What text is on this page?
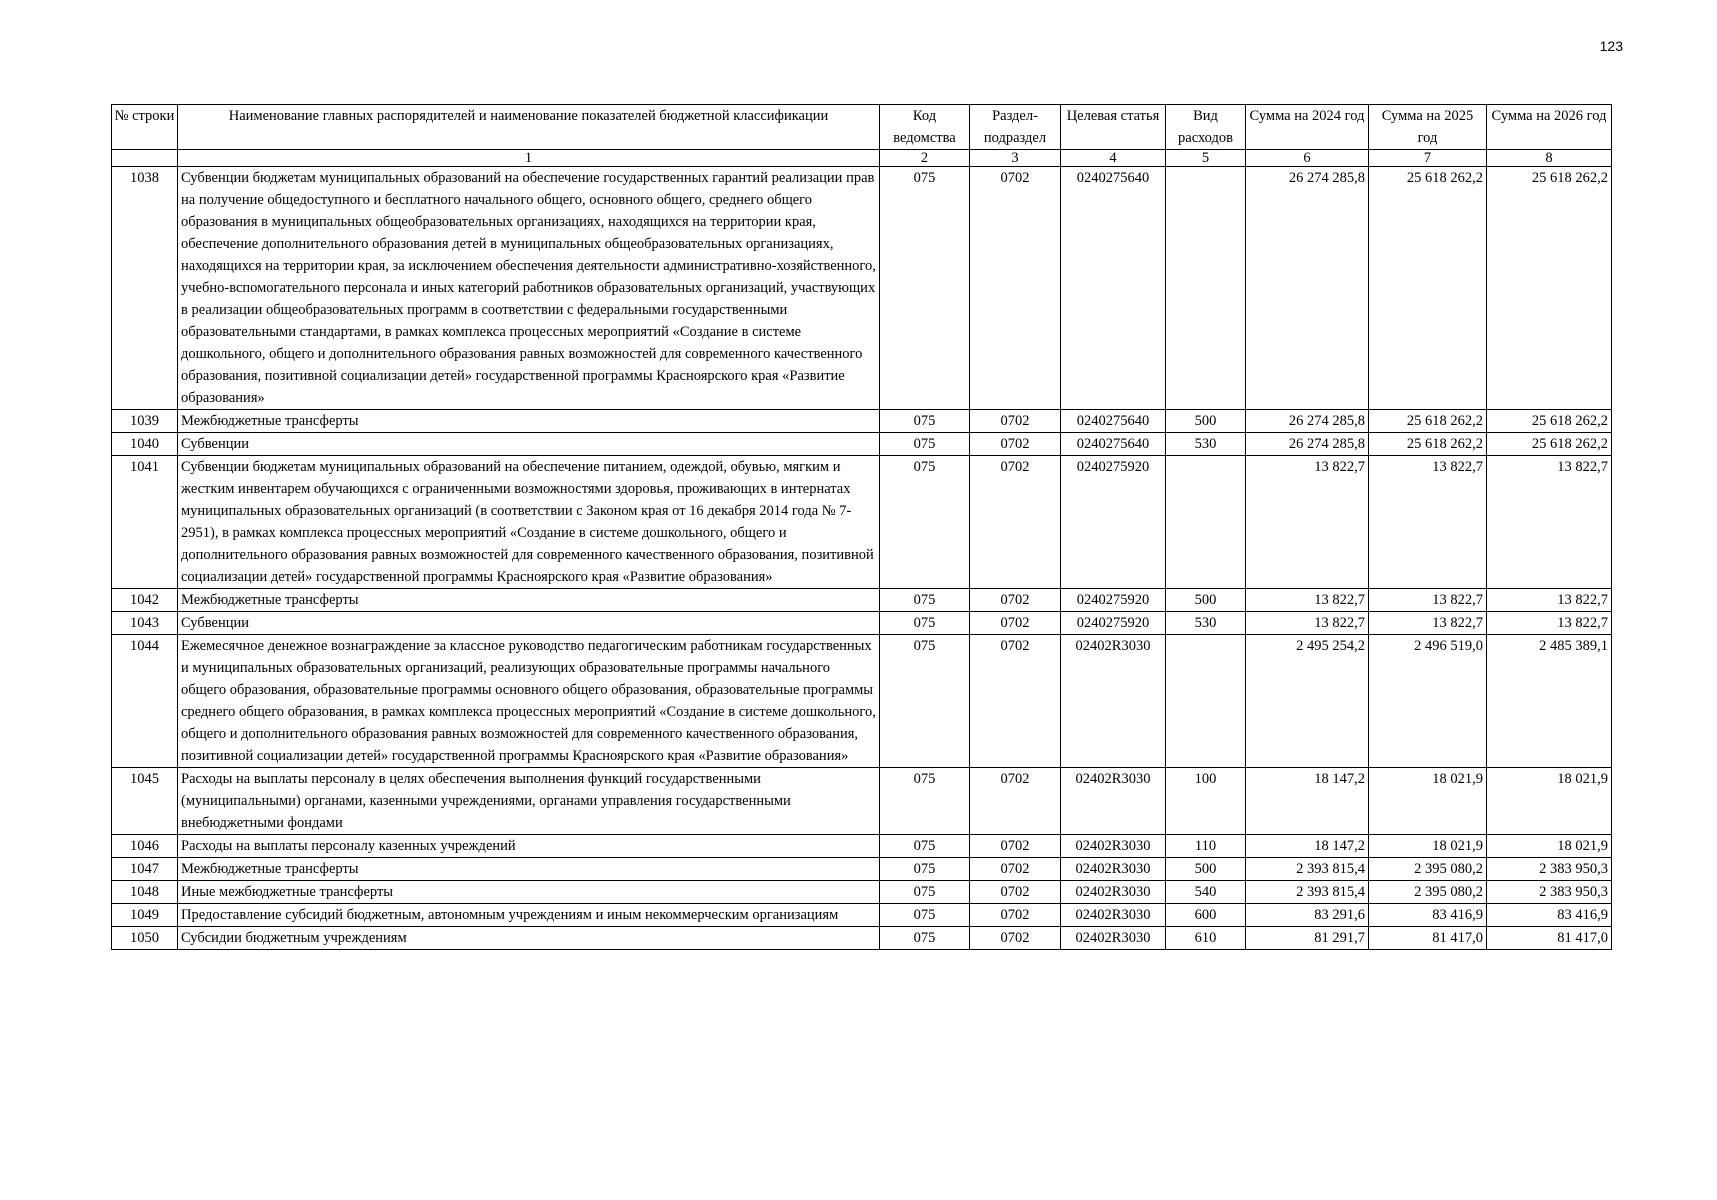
123
№ строки	Наименование главных распорядителей и наименование показателей бюджетной классификации	Код ведомства	Раздел-подраздел	Целевая статья	Вид расходов	Сумма на 2024 год	Сумма на 2025 год	Сумма на 2026 год
	1	2	3	4	5	6	7	8
1038	Субвенции бюджетам муниципальных образований на обеспечение государственных гарантий реализации прав на получение общедоступного и бесплатного начального общего, основного общего, среднего общего образования в муниципальных общеобразовательных организациях, находящихся на территории края, обеспечение дополнительного образования детей в муниципальных общеобразовательных организациях, находящихся на территории края, за исключением обеспечения деятельности административно-хозяйственного, учебно-вспомогательного персонала и иных категорий работников образовательных организаций, участвующих в реализации общеобразовательных программ в соответствии с федеральными государственными образовательными стандартами, в рамках комплекса процессных мероприятий «Создание в системе дошкольного, общего и дополнительного образования равных возможностей для современного качественного образования, позитивной социализации детей» государственной программы Красноярского края «Развитие образования»	075	0702	0240275640		26 274 285,8	25 618 262,2	25 618 262,2
1039	Межбюджетные трансферты	075	0702	0240275640	500	26 274 285,8	25 618 262,2	25 618 262,2
1040	Субвенции	075	0702	0240275640	530	26 274 285,8	25 618 262,2	25 618 262,2
1041	Субвенции бюджетам муниципальных образований на обеспечение питанием, одеждой, обувью, мягким и жестким инвентарем обучающихся с ограниченными возможностями здоровья, проживающих в интернатах муниципальных образовательных организаций (в соответствии с Законом края от 16 декабря 2014 года № 7-2951), в рамках комплекса процессных мероприятий «Создание в системе дошкольного, общего и дополнительного образования равных возможностей для современного качественного образования, позитивной социализации детей» государственной программы Красноярского края «Развитие образования»	075	0702	0240275920		13 822,7	13 822,7	13 822,7
1042	Межбюджетные трансферты	075	0702	0240275920	500	13 822,7	13 822,7	13 822,7
1043	Субвенции	075	0702	0240275920	530	13 822,7	13 822,7	13 822,7
1044	Ежемесячное денежное вознаграждение за классное руководство педагогическим работникам государственных и муниципальных образовательных организаций, реализующих образовательные программы начального общего образования, образовательные программы основного общего образования, образовательные программы среднего общего образования, в рамках комплекса процессных мероприятий «Создание в системе дошкольного, общего и дополнительного образования равных возможностей для современного качественного образования, позитивной социализации детей» государственной программы Красноярского края «Развитие образования»	075	0702	02402R3030		2 495 254,2	2 496 519,0	2 485 389,1
1045	Расходы на выплаты персоналу в целях обеспечения выполнения функций государственными (муниципальными) органами, казенными учреждениями, органами управления государственными внебюджетными фондами	075	0702	02402R3030	100	18 147,2	18 021,9	18 021,9
1046	Расходы на выплаты персоналу казенных учреждений	075	0702	02402R3030	110	18 147,2	18 021,9	18 021,9
1047	Межбюджетные трансферты	075	0702	02402R3030	500	2 393 815,4	2 395 080,2	2 383 950,3
1048	Иные межбюджетные трансферты	075	0702	02402R3030	540	2 393 815,4	2 395 080,2	2 383 950,3
1049	Предоставление субсидий бюджетным, автономным учреждениям и иным некоммерческим организациям	075	0702	02402R3030	600	83 291,6	83 416,9	83 416,9
1050	Субсидии бюджетным учреждениям	075	0702	02402R3030	610	81 291,7	81 417,0	81 417,0
